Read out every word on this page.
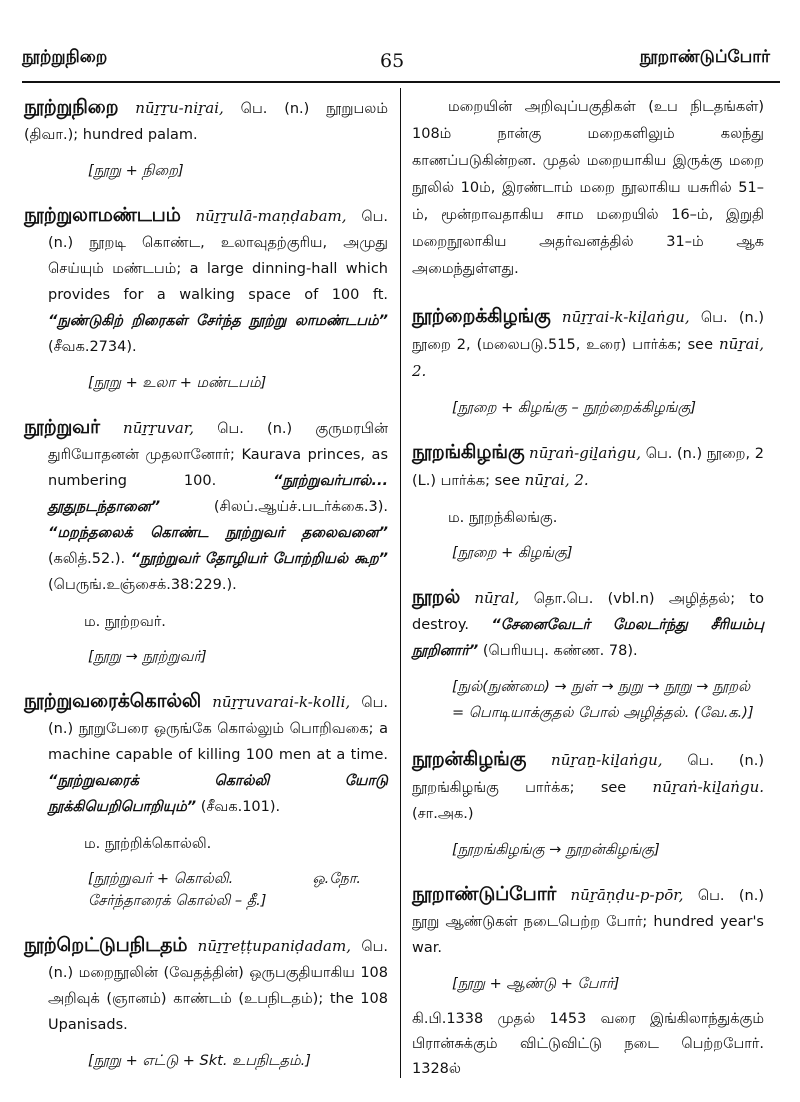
நூற்றுநிறை	65	நூறாண்டுப்போர்
நூற்றுநிறை nūṟṟu-niṟai, பெ. (n.) நூறுபலம் (திவா.); hundred palam.
[நூறு + நிறை]
நூற்றுலாமண்டபம் nūṟṟulā-maṇḍabam, பெ. (n.) நூறடி கொண்ட, உலாவுதற்குரிய, அமுது செய்யும் மண்டபம்; a large dinning-hall which provides for a walking space of 100 ft. “நுண்டுகிற் றிரைகள் சேர்ந்த நூற்று லாமண்டபம்” (சீவக.2734).
[நூறு + உலா + மண்டபம்]
நூற்றுவர் nūṟṟuvar, பெ. (n.) குருமரபின் துரியோதனன் முதலானோர்; Kaurava princes, as numbering 100.	“நூற்றுவர்பால்... தூதுநடந்தானை”	(சிலப்.ஆய்ச்.படர்க்கை.3). “மறந்தலைக் கொண்ட நூற்றுவர் தலைவனை” (கலித்.52.). “நூற்றுவர் தோழியர் போற்றியல் கூற” (பெருங்.உஞ்சைக்.38:229.).
ம. நூற்றவர்.
[நூறு → நூற்றுவர்]
நூற்றுவரைக்கொல்லி nūṟṟuvarai-k-kolli, பெ. (n.) நூறுபேரை ஒருங்கே கொல்லும் பொறிவகை; a machine capable of killing 100 men at a time. “நூற்றுவரைக் கொல்லி யோடு நூக்கியெறிபொறியும்” (சீவக.101).
ம. நூற்றிக்கொல்லி.
[நூற்றுவர் + கொல்லி.	ஒ.நோ.
சேர்ந்தாரைக் கொல்லி – தீ.]
நூற்றெட்டுபநிடதம் nūṟṟeṭṭupaniḍadam, பெ. (n.) மறைநூலின் (வேதத்தின்) ஒருபகுதியாகிய 108 அறிவுக் (ஞானம்) காண்டம் (உபநிடதம்); the 108 Upanisads.
[நூறு + எட்டு + Skt. உபநிடதம்.]
மறையின் அறிவுப்பகுதிகள் (உப நிடதங்கள்) 108ம் நான்கு மறைகளிலும் கலந்து காணப்படுகின்றன. முதல் மறையாகிய இருக்கு மறை நூலில் 10ம், இரண்டாம் மறை நூலாகிய யசுரில் 51–ம், மூன்றாவதாகிய சாம மறையில் 16–ம், இறுதி மறைநூலாகிய அதர்வனத்தில் 31–ம் ஆக அமைந்துள்ளது.
நூற்றைக்கிழங்கு nūṟṟai-k-kiḻaṅgu, பெ. (n.) நூறை 2, (மலைபடு.515, உரை) பார்க்க; see nūṟai, 2.
[நூறை + கிழங்கு – நூற்றைக்கிழங்கு]
நூறங்கிழங்கு nūṟaṅ-giḻaṅgu, பெ. (n.) நூறை, 2 (L.) பார்க்க; see nūṟai, 2.
ம. நூறந்கிலங்கு.
[நூறை + கிழங்கு]
நூறல் nūṟal, தொ.பெ. (vbl.n) அழித்தல்; to destroy. “சேனைவேடர் மேலடர்ந்து சீரியம்பு நூறினார்” (பெரியபு. கண்ண. 78).
[நுல்(நுண்மை) → நுள் → நுறு → நூறு → நூறல் = பொடியாக்குதல் போல் அழித்தல். (வே.க.)]
நூறன்கிழங்கு nūṟaṉ-kiḻaṅgu, பெ. (n.) நூறங்கிழங்கு பார்க்க; see nūṟaṅ-kiḻaṅgu. (சா.அக.)
[நூறங்கிழங்கு → நூறன்கிழங்கு]
நூறாண்டுப்போர் nūṟāṇḍu-p-pōr, பெ. (n.) நூறு ஆண்டுகள் நடைபெற்ற போர்; hundred year's war.
[நூறு + ஆண்டு + போர்]
கி.பி.1338 முதல் 1453 வரை இங்கிலாந்துக்கும் பிரான்சுக்கும் விட்டுவிட்டு நடை பெற்றபோர். 1328ல்
